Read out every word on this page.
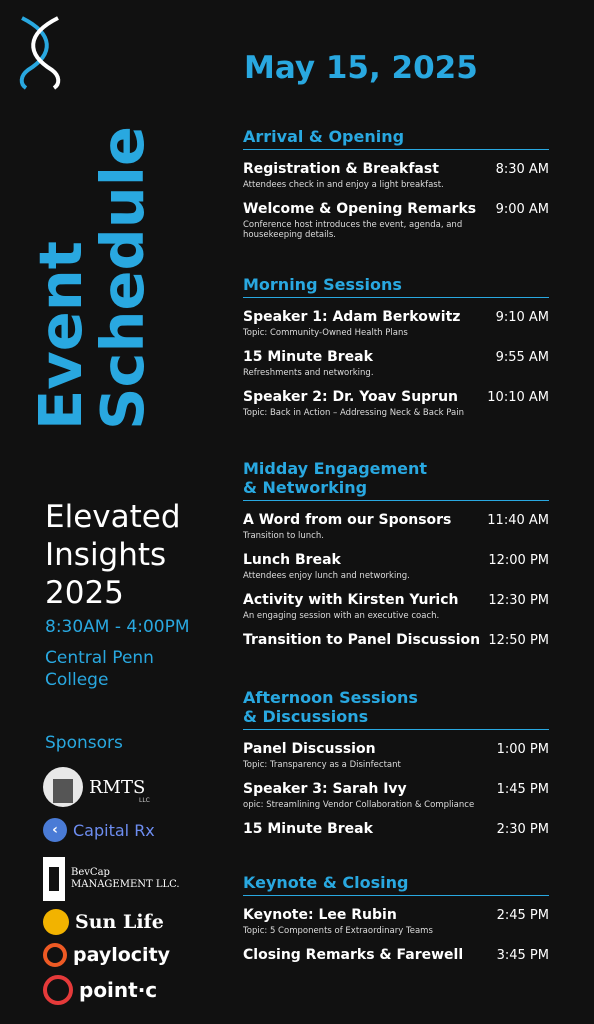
Event
Schedule
Elevated
Insights
2025
8:30AM - 4:00PM
Central Penn College
Sponsors
RMTS
LLC
‹ Capital Rx
BevCap
MANAGEMENT LLC.
Sun Life
paylocity
point·c
May 15, 2025
Arrival & Opening
Registration & Breakfast	8:30 AM
Attendees check in and enjoy a light breakfast.
Welcome & Opening Remarks	9:00 AM
Conference host introduces the event, agenda, and housekeeping details.
Morning Sessions
Speaker 1: Adam Berkowitz	9:10 AM
Topic: Community-Owned Health Plans
15 Minute Break	9:55 AM
Refreshments and networking.
Speaker 2: Dr. Yoav Suprun	10:10 AM
Topic: Back in Action – Addressing Neck & Back Pain
Midday Engagement
& Networking
A Word from our Sponsors	11:40 AM
Transition to lunch.
Lunch Break	12:00 PM
Attendees enjoy lunch and networking.
Activity with Kirsten Yurich	12:30 PM
An engaging session with an executive coach.
Transition to Panel Discussion 12:50 PM
Afternoon Sessions
& Discussions
Panel Discussion	1:00 PM
Topic: Transparency as a Disinfectant
Speaker 3: Sarah Ivy	1:45 PM
opic: Streamlining Vendor Collaboration & Compliance
15 Minute Break	2:30 PM
Keynote & Closing
Keynote: Lee Rubin	2:45 PM
Topic: 5 Components of Extraordinary Teams
Closing Remarks & Farewell	3:45 PM
